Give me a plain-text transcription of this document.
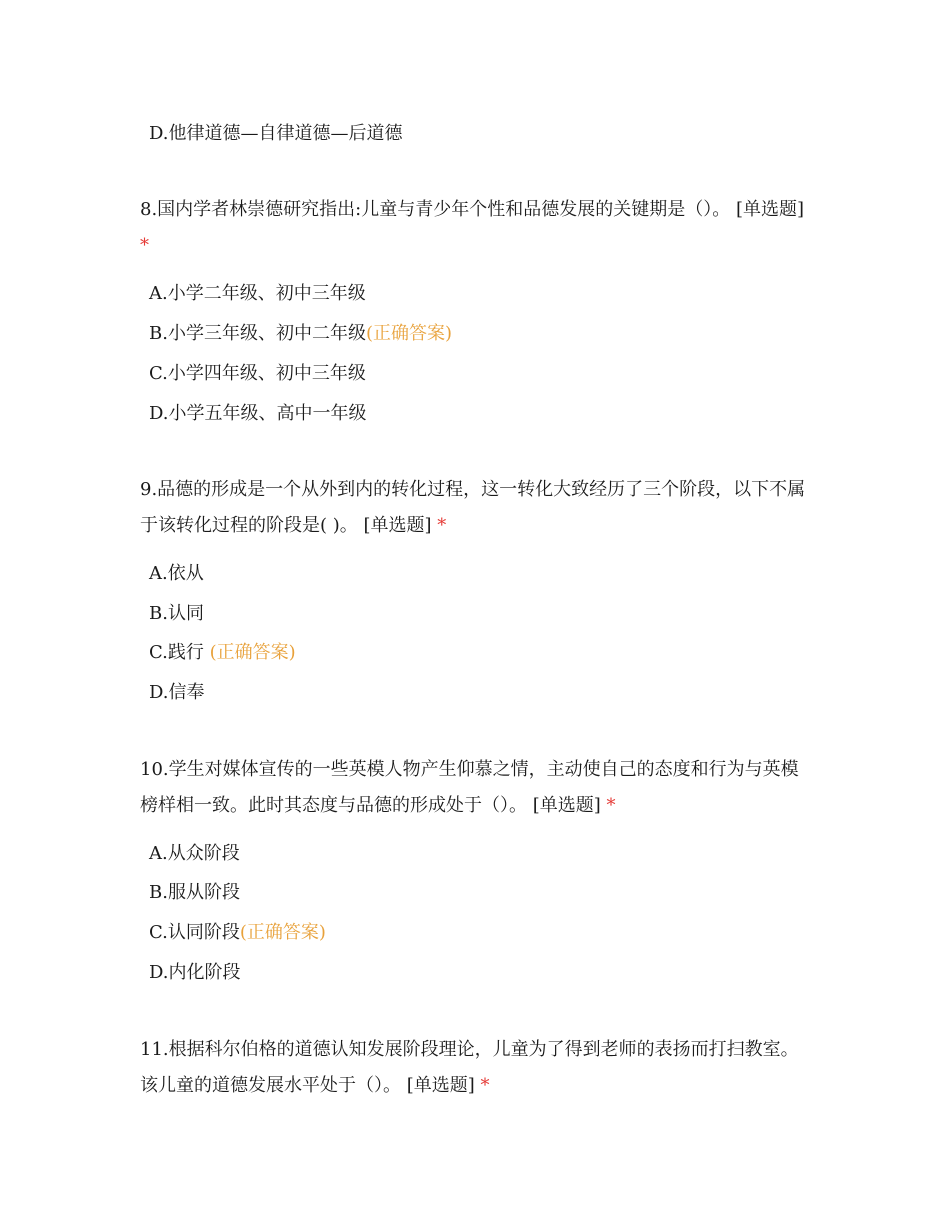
D.他律道德—自律道德—后道德
8.国内学者林崇德研究指出:儿童与青少年个性和品德发展的关键期是（）。 [单选题] *
A.小学二年级、初中三年级
B.小学三年级、初中二年级(正确答案)
C.小学四年级、初中三年级
D.小学五年级、高中一年级
9.品德的形成是一个从外到内的转化过程，这一转化大致经历了三个阶段，以下不属于该转化过程的阶段是( )。 [单选题] *
A.依从
B.认同
C.践行 (正确答案)
D.信奉
10.学生对媒体宣传的一些英模人物产生仰慕之情，主动使自己的态度和行为与英模榜样相一致。此时其态度与品德的形成处于（）。 [单选题] *
A.从众阶段
B.服从阶段
C.认同阶段(正确答案)
D.内化阶段
11.根据科尔伯格的道德认知发展阶段理论，儿童为了得到老师的表扬而打扫教室。该儿童的道德发展水平处于（）。 [单选题] *
